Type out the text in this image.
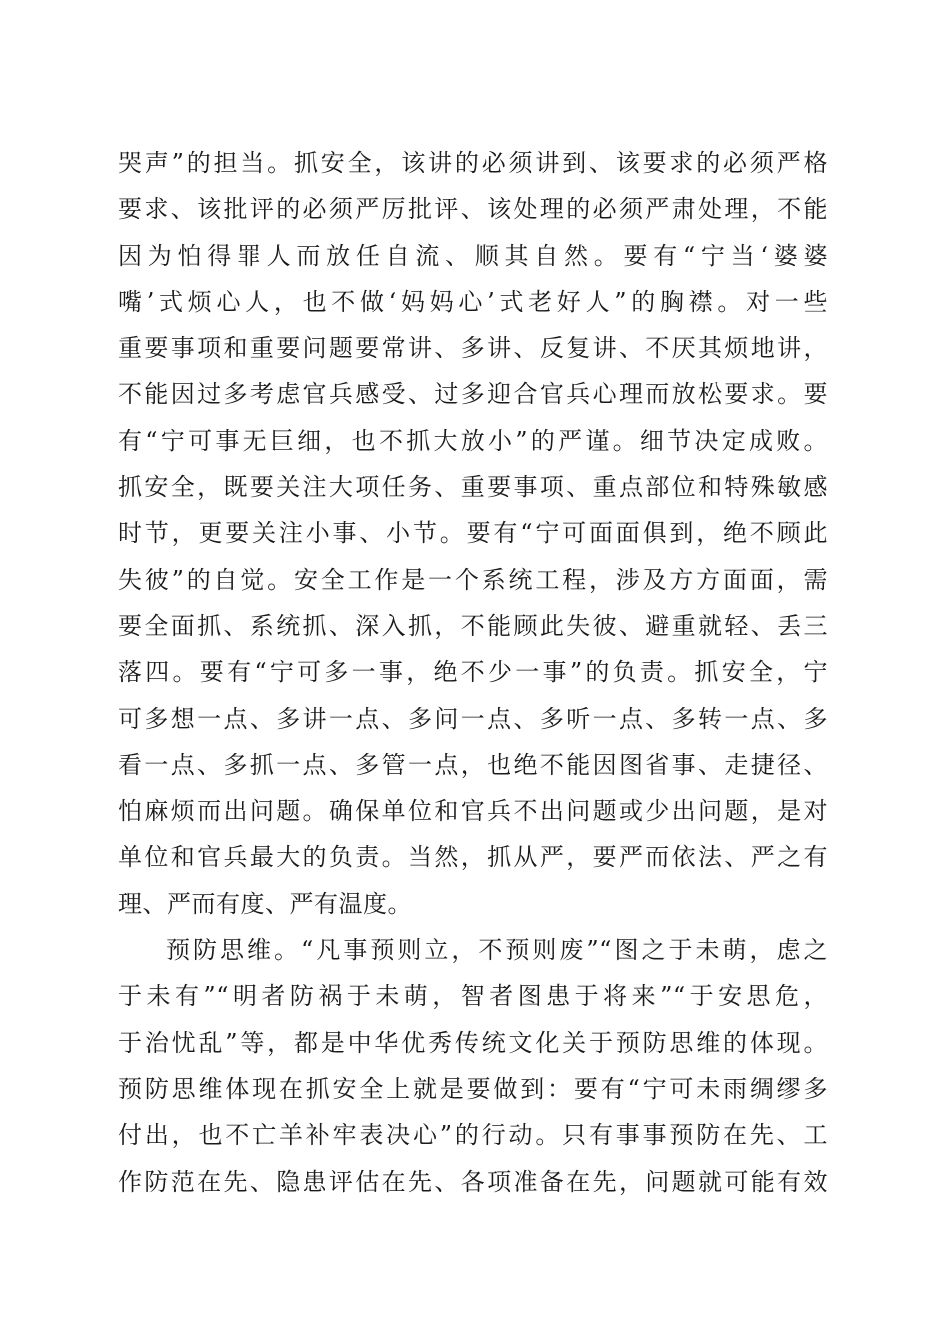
哭声”的担当。抓安全，该讲的必须讲到、该要求的必须严格
要求、该批评的必须严厉批评、该处理的必须严肃处理，不能
因为怕得罪人而放任自流、顺其自然。要有“宁当‘婆婆
嘴’式烦心人，也不做‘妈妈心’式老好人”的胸襟。对一些
重要事项和重要问题要常讲、多讲、反复讲、不厌其烦地讲，
不能因过多考虑官兵感受、过多迎合官兵心理而放松要求。要
有“宁可事无巨细，也不抓大放小”的严谨。细节决定成败。
抓安全，既要关注大项任务、重要事项、重点部位和特殊敏感
时节，更要关注小事、小节。要有“宁可面面俱到，绝不顾此
失彼”的自觉。安全工作是一个系统工程，涉及方方面面，需
要全面抓、系统抓、深入抓，不能顾此失彼、避重就轻、丢三
落四。要有“宁可多一事，绝不少一事”的负责。抓安全，宁
可多想一点、多讲一点、多问一点、多听一点、多转一点、多
看一点、多抓一点、多管一点，也绝不能因图省事、走捷径、
怕麻烦而出问题。确保单位和官兵不出问题或少出问题，是对
单位和官兵最大的负责。当然，抓从严，要严而依法、严之有
理、严而有度、严有温度。
预防思维。“凡事预则立，不预则废”“图之于未萌，虑之
于未有”“明者防祸于未萌，智者图患于将来”“于安思危，
于治忧乱”等，都是中华优秀传统文化关于预防思维的体现。
预防思维体现在抓安全上就是要做到：要有“宁可未雨绸缪多
付出，也不亡羊补牢表决心”的行动。只有事事预防在先、工
作防范在先、隐患评估在先、各项准备在先，问题就可能有效
